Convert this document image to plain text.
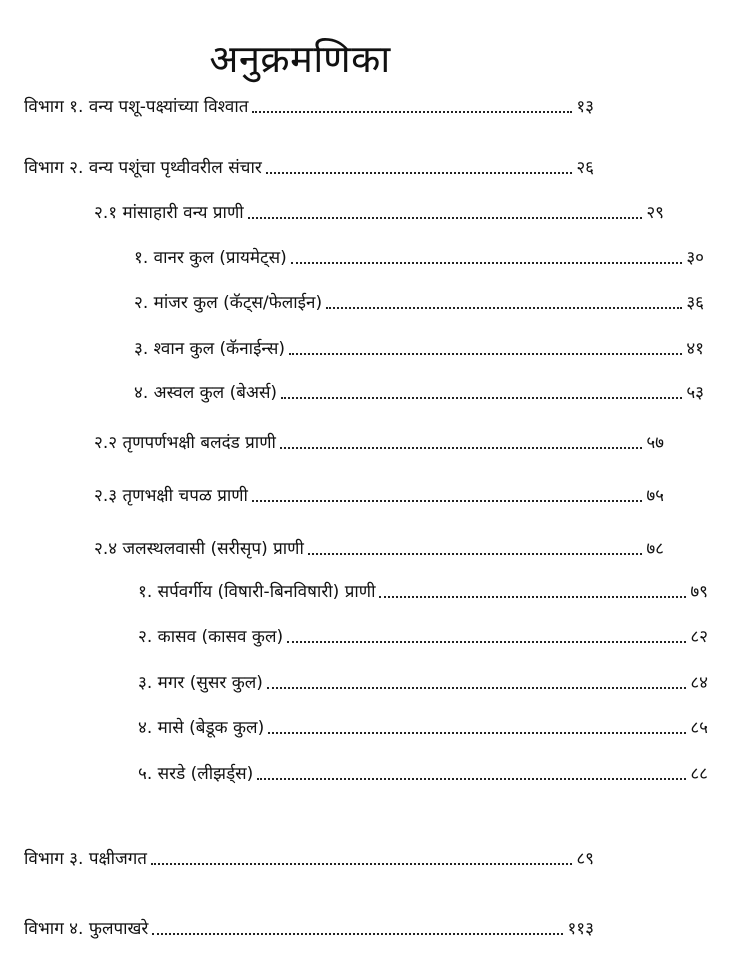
अनुक्रमणिका
विभाग १. वन्य पशू-पक्ष्यांच्या विश्वात	१३
विभाग २. वन्य पशूंचा पृथ्वीवरील संचार	२६
२.१ मांसाहारी वन्य प्राणी	२९
१. वानर कुल (प्रायमेट्स)	३०
२. मांजर कुल (कॅट्स/फेलाईन)	३६
३. श्वान कुल (कॅनाईन्स)	४१
४. अस्वल कुल (बेअर्स)	५३
२.२ तृणपर्णभक्षी बलदंड प्राणी	५७
२.३ तृणभक्षी चपळ प्राणी	७५
२.४ जलस्थलवासी (सरीसृप) प्राणी	७८
१. सर्पवर्गीय (विषारी-बिनविषारी) प्राणी	७९
२. कासव (कासव कुल)	८२
३. मगर (सुसर कुल)	८४
४. मासे (बेडूक कुल)	८५
५. सरडे (लीझर्ड्स)	८८
विभाग ३. पक्षीजगत	८९
विभाग ४. फुलपाखरे	११३
